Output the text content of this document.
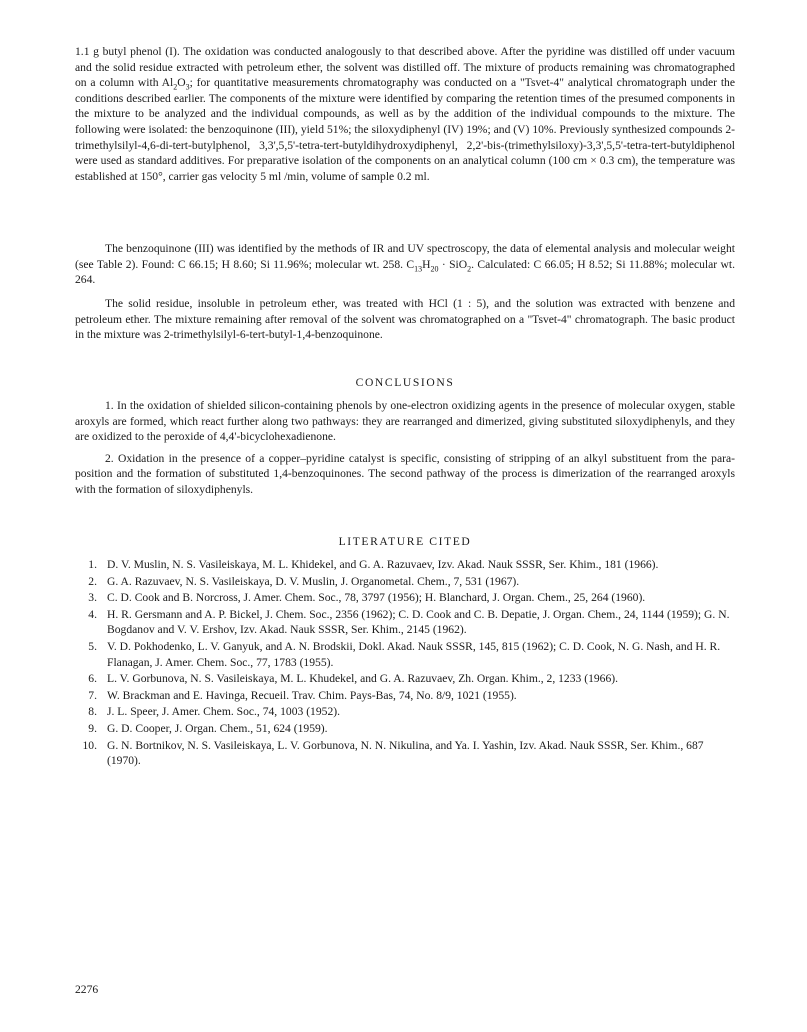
1.1 g butyl phenol (I). The oxidation was conducted analogously to that described above. After the pyridine was distilled off under vacuum and the solid residue extracted with petroleum ether, the solvent was distilled off. The mixture of products remaining was chromatographed on a column with $Al_2O_3$; for quantitative measurements chromatography was conducted on a "Tsvet-4" analytical chromatograph under the conditions described earlier. The components of the mixture were identified by comparing the retention times of the presumed components in the mixture to be analyzed and the individual compounds, as well as by the addition of the individual compounds to the mixture. The following were isolated: the benzoquinone (III), yield 51%; the siloxydiphenyl (IV) 19%; and (V) 10%. Previously synthesized compounds 2-trimethylsilyl-4,6-di-tert-butylphenol, 3,3',5,5'-tetra-tert-butyldihydroxydiphenyl, 2,2'-bis-(trimethylsiloxy)-3,3',5,5'-tetra-tert-butyldiphenol were used as standard additives. For preparative isolation of the components on an analytical column (100 cm × 0.3 cm), the temperature was established at 150°, carrier gas velocity 5 ml /min, volume of sample 0.2 ml.

The benzoquinone (III) was identified by the methods of IR and UV spectroscopy, the data of elemental analysis and molecular weight (see Table 2). Found: C 66.15; H 8.60; Si 11.96%; molecular wt. 258. $C_{13}H_{20} \cdot SiO_2$. Calculated: C 66.05; H 8.52; Si 11.88%; molecular wt. 264.

The solid residue, insoluble in petroleum ether, was treated with HCl (1 : 5), and the solution was extracted with benzene and petroleum ether. The mixture remaining after removal of the solvent was chromatographed on a "Tsvet-4" chromatograph. The basic product in the mixture was 2-trimethylsilyl-6-tert-butyl-1,4-benzoquinone.

CONCLUSIONS

1. In the oxidation of shielded silicon-containing phenols by one-electron oxidizing agents in the presence of molecular oxygen, stable aroxyls are formed, which react further along two pathways: they are rearranged and dimerized, giving substituted siloxydiphenyls, and they are oxidized to the peroxide of 4,4'-bicyclohexadienone.

2. Oxidation in the presence of a copper–pyridine catalyst is specific, consisting of stripping of an alkyl substituent from the para-position and the formation of substituted 1,4-benzoquinones. The second pathway of the process is dimerization of the rearranged aroxyls with the formation of siloxydiphenyls.

LITERATURE CITED
1. D. V. Muslin, N. S. Vasileiskaya, M. L. Khidekel, and G. A. Razuvaev, Izv. Akad. Nauk SSSR, Ser. Khim., 181 (1966).
2. G. A. Razuvaev, N. S. Vasileiskaya, D. V. Muslin, J. Organometal. Chem., 7, 531 (1967).
3. C. D. Cook and B. Norcross, J. Amer. Chem. Soc., 78, 3797 (1956); H. Blanchard, J. Organ. Chem., 25, 264 (1960).
4. H. R. Gersmann and A. P. Bickel, J. Chem. Soc., 2356 (1962); C. D. Cook and C. B. Depatie, J. Organ. Chem., 24, 1144 (1959); G. N. Bogdanov and V. V. Ershov, Izv. Akad. Nauk SSSR, Ser. Khim., 2145 (1962).
5. V. D. Pokhodenko, L. V. Ganyuk, and A. N. Brodskii, Dokl. Akad. Nauk SSSR, 145, 815 (1962); C. D. Cook, N. G. Nash, and H. R. Flanagan, J. Amer. Chem. Soc., 77, 1783 (1955).
6. L. V. Gorbunova, N. S. Vasileiskaya, M. L. Khudekel, and G. A. Razuvaev, Zh. Organ. Khim., 2, 1233 (1966).
7. W. Brackman and E. Havinga, Recueil. Trav. Chim. Pays-Bas, 74, No. 8/9, 1021 (1955).
8. J. L. Speer, J. Amer. Chem. Soc., 74, 1003 (1952).
9. G. D. Cooper, J. Organ. Chem., 51, 624 (1959).
10. G. N. Bortnikov, N. S. Vasileiskaya, L. V. Gorbunova, N. N. Nikulina, and Ya. I. Yashin, Izv. Akad. Nauk SSSR, Ser. Khim., 687 (1970).
2276
